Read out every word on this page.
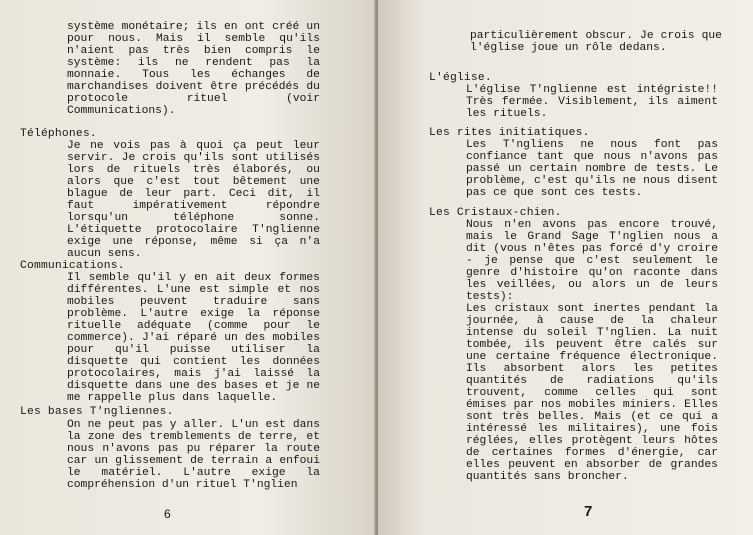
système monétaire; ils en ont créé un
pour nous. Mais il semble qu'ils
n'aient pas très bien compris le
système: ils ne rendent pas la
monnaie. Tous les échanges de
marchandises doivent être précédés du
protocole rituel (voir
Communications).
Téléphones.
Je ne vois pas à quoi ça peut leur
servir. Je crois qu'ils sont utilisés
lors de rituels très élaborés, ou
alors que c'est tout bêtement une
blague de leur part. Ceci dit, il
faut impérativement répondre
lorsqu'un téléphone sonne.
L'étiquette protocolaire T'nglienne
exige une réponse, même si ça n'a
aucun sens.
Communications.
Il semble qu'il y en ait deux formes
différentes. L'une est simple et nos
mobiles peuvent traduire sans
problème. L'autre exige la réponse
rituelle adéquate (comme pour le
commerce). J'ai réparé un des mobiles
pour qu'il puisse utiliser la
disquette qui contient les données
protocolaires, mais j'ai laissé la
disquette dans une des bases et je ne
me rappelle plus dans laquelle.
Les bases T'ngliennes.
On ne peut pas y aller. L'un est dans
la zone des tremblements de terre, et
nous n'avons pas pu réparer la route
car un glissement de terrain a enfoui
le matériel. L'autre exige la
compréhension d'un rituel T'nglien
6
particulièrement obscur. Je crois que
l'église joue un rôle dedans.
L'église.
L'église T'nglienne est intégriste!!
Très fermée. Visiblement, ils aiment
les rituels.
Les rites initiatiques.
Les T'ngliens ne nous font pas
confiance tant que nous n'avons pas
passé un certain nombre de tests. Le
problème, c'est qu'ils ne nous disent
pas ce que sont ces tests.
Les Cristaux-chien.
Nous n'en avons pas encore trouvé,
mais le Grand Sage T'nglien nous a
dit (vous n'êtes pas forcé d'y croire
- je pense que c'est seulement le
genre d'histoire qu'on raconte dans
les veillées, ou alors un de leurs
tests):
Les cristaux sont inertes pendant la
journée, à cause de la chaleur
intense du soleil T'nglien. La nuit
tombée, ils peuvent être calés sur
une certaine fréquence électronique.
Ils absorbent alors les petites
quantités de radiations qu'ils
trouvent, comme celles qui sont
émises par nos mobiles miniers. Elles
sont très belles. Mais (et ce qui a
intéressé les militaires), une fois
réglées, elles protègent leurs hôtes
de certaines formes d'énergie, car
elles peuvent en absorber de grandes
quantités sans broncher.
7
